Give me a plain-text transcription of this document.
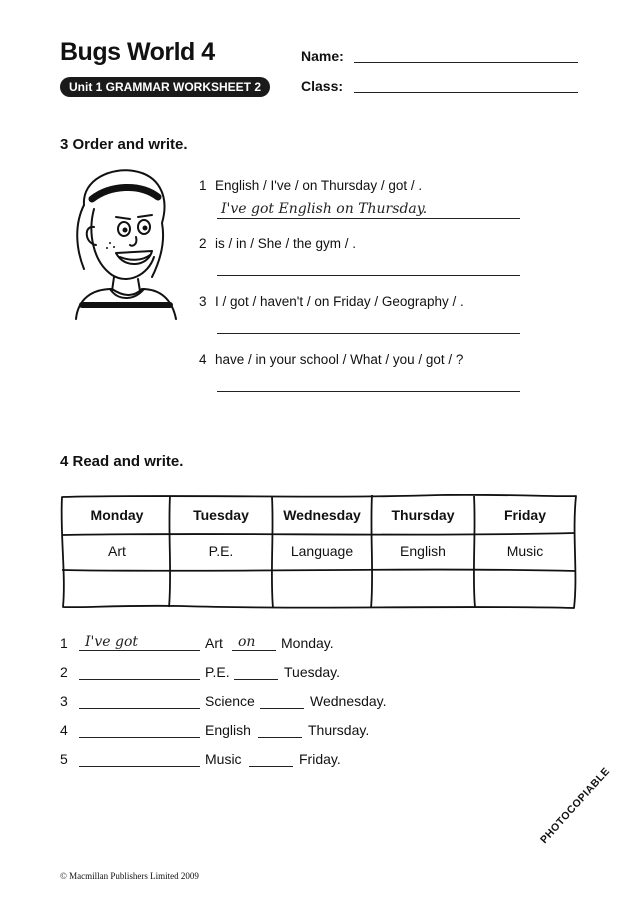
Bugs World 4
Unit 1 GRAMMAR WORKSHEET 2
Name:
Class:
3 Order and write.
1 English / I've / on Thursday / got / .
I've got English on Thursday.
2 is / in / She / the gym / .
3 I / got / haven't / on Friday / Geography / .
4 have / in your school / What / you / got / ?
4 Read and write.
Monday	Tuesday	Wednesday	Thursday	Friday
Art	P.E.	Language	English	Music
1 I've got	Art on Monday.
2	P.E.	Tuesday.
3	Science	Wednesday.
4	English	Thursday.
5	Music	Friday.
PHOTOCOPIABLE
© Macmillan Publishers Limited 2009
